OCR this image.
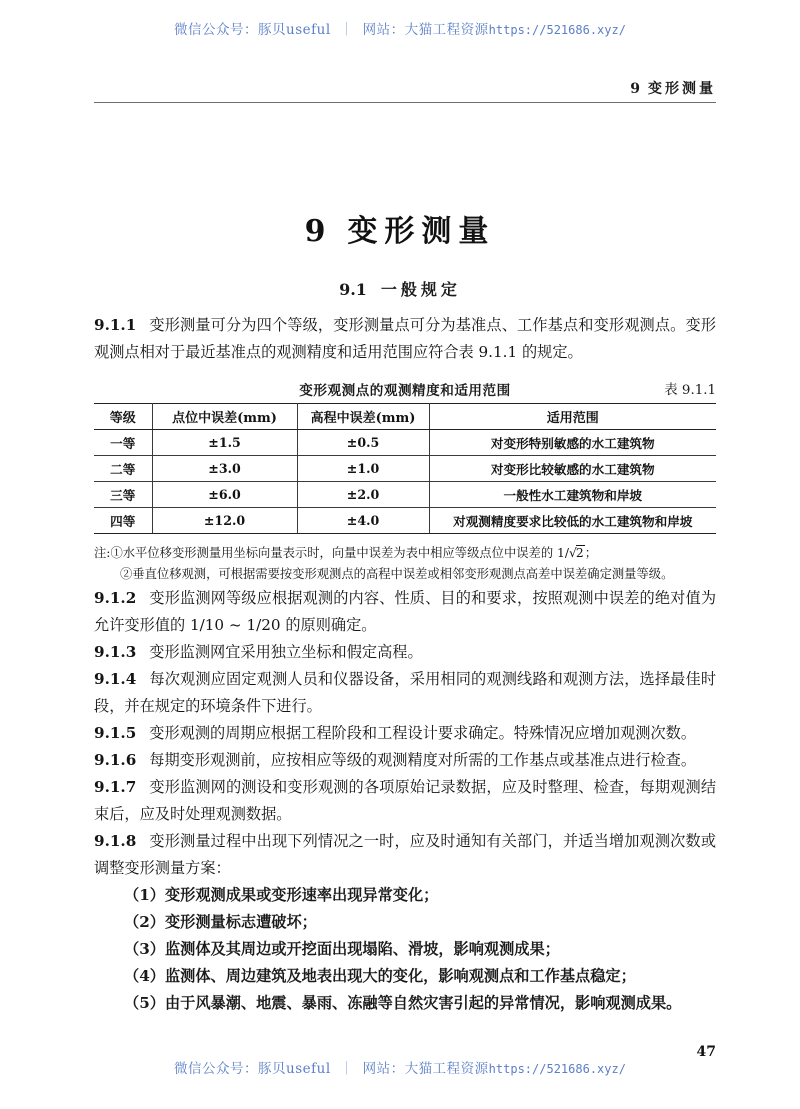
微信公众号：豚贝useful ｜ 网站：大猫工程资源https://521686.xyz/
9 变形测量
9 变形测量
9.1 一般规定

9.1.1 变形测量可分为四个等级，变形测量点可分为基准点、工作基点和变形观测点。变形观测点相对于最近基准点的观测精度和适用范围应符合表 9.1.1 的规定。

变形观测点的观测精度和适用范围	表 9.1.1
等级	点位中误差(mm)	高程中误差(mm)	适用范围
一等	±1.5	±0.5	对变形特别敏感的水工建筑物
二等	±3.0	±1.0	对变形比较敏感的水工建筑物
三等	±6.0	±2.0	一般性水工建筑物和岸坡
四等	±12.0	±4.0	对观测精度要求比较低的水工建筑物和岸坡
注:①水平位移变形测量用坐标向量表示时，向量中误差为表中相应等级点位中误差的 1/√2；
②垂直位移观测，可根据需要按变形观测点的高程中误差或相邻变形观测点高差中误差确定测量等级。

9.1.2 变形监测网等级应根据观测的内容、性质、目的和要求，按照观测中误差的绝对值为允许变形值的 1/10 ~ 1/20 的原则确定。

9.1.3 变形监测网宜采用独立坐标和假定高程。

9.1.4 每次观测应固定观测人员和仪器设备，采用相同的观测线路和观测方法，选择最佳时段，并在规定的环境条件下进行。

9.1.5 变形观测的周期应根据工程阶段和工程设计要求确定。特殊情况应增加观测次数。

9.1.6 每期变形观测前，应按相应等级的观测精度对所需的工作基点或基准点进行检查。

9.1.7 变形监测网的测设和变形观测的各项原始记录数据，应及时整理、检查，每期观测结束后，应及时处理观测数据。

9.1.8 变形测量过程中出现下列情况之一时，应及时通知有关部门，并适当增加观测次数或调整变形测量方案：

（1）变形观测成果或变形速率出现异常变化；

（2）变形测量标志遭破坏；

（3）监测体及其周边或开挖面出现塌陷、滑坡，影响观测成果；

（4）监测体、周边建筑及地表出现大的变化，影响观测点和工作基点稳定；

（5）由于风暴潮、地震、暴雨、冻融等自然灾害引起的异常情况，影响观测成果。

47
微信公众号：豚贝useful ｜ 网站：大猫工程资源https://521686.xyz/
